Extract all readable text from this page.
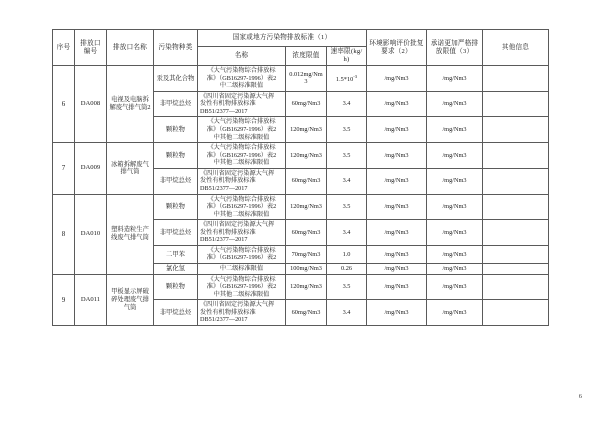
序号	排放口编号	排放口名称	污染物种类	国家或地方污染物排放标准（1）			环境影响评价批复要求（2）	承诺更加严格排放限值（3）	其他信息
				名称	浓度限值	速率限(kg/h)			
6	DA008	电视及电脑拆解废气排气筒2	汞及其化合物	《大气污染物综合排放标
准》（GB16297-1996）表2
中二级标准限值	0.012mg/Nm3	$1.5*10^{-3}$	/mg/Nm3	/mg/Nm3	
			非甲烷总烃	《四川省固定污染源大气挥
发性有机物排放标准
DB51/2377—2017	60mg/Nm3	3.4	/mg/Nm3	/mg/Nm3	
			颗粒物	《大气污染物综合排放标
准》（GB16297-1996）表2
中其他二级标准限值	120mg/Nm3	3.5	/mg/Nm3	/mg/Nm3	
7	DA009	冰箱拆解废气排气筒	颗粒物	《大气污染物综合排放标
准》（GB16297-1996）表2
中其他二级标准限值	120mg/Nm3	3.5	/mg/Nm3	/mg/Nm3	
			非甲烷总烃	《四川省固定污染源大气挥
发性有机物排放标准
DB51/2377—2017	60mg/Nm3	3.4	/mg/Nm3	/mg/Nm3	
8	DA010	塑料造粒生产线废气排气筒	颗粒物	《大气污染物综合排放标
准》（GB16297-1996）表2
中其他二级标准限值	120mg/Nm3	3.5	/mg/Nm3	/mg/Nm3	
			非甲烷总烃	《四川省固定污染源大气挥
发性有机物排放标准
DB51/2377—2017	60mg/Nm3	3.4	/mg/Nm3	/mg/Nm3	
			二甲苯	《大气污染物综合排放标
准》（GB16297-1996）表2	70mg/Nm3	1.0	/mg/Nm3	/mg/Nm3	
			氯化氢	中二级标准限值	100mg/Nm3	0.26	/mg/Nm3	/mg/Nm3	
9	DA011	甲板显示屏破碎处理废气排气筒	颗粒物	《大气污染物综合排放标
准》（GB16297-1996）表2
中其他二级标准限值	120mg/Nm3	3.5	/mg/Nm3	/mg/Nm3	
			非甲烷总烃	《四川省固定污染源大气挥
发性有机物排放标准
DB51/2377—2017	60mg/Nm3	3.4	/mg/Nm3	/mg/Nm3	
6
